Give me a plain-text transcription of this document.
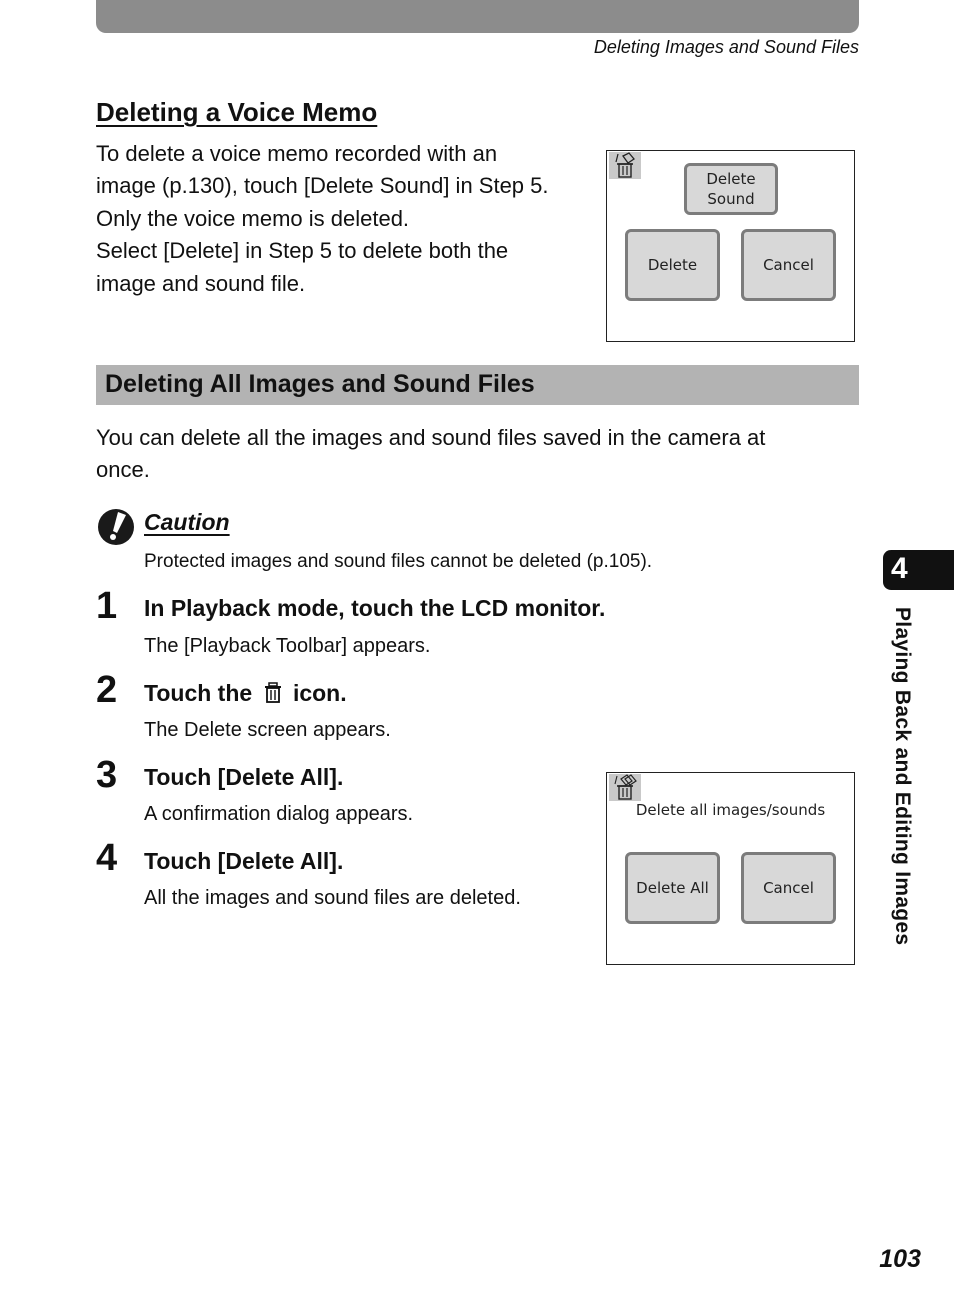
Deleting Images and Sound Files
Deleting a Voice Memo
To delete a voice memo recorded with an
image (p.130), touch [Delete Sound] in Step 5.
Only the voice memo is deleted.
Select [Delete] in Step 5 to delete both the
image and sound file.
Delete
Sound
Delete	Cancel
Deleting All Images and Sound Files
You can delete all the images and sound files saved in the camera at
once.
Caution
Protected images and sound files cannot be deleted (p.105).
1 In Playback mode, touch the LCD monitor.
The [Playback Toolbar] appears.
2 Touch the icon.
The Delete screen appears.
3 Touch [Delete All].
A confirmation dialog appears.
4 Touch [Delete All].
All the images and sound files are deleted.
Delete all images/sounds
Delete All	Cancel
4
Playing Back and Editing Images
103
